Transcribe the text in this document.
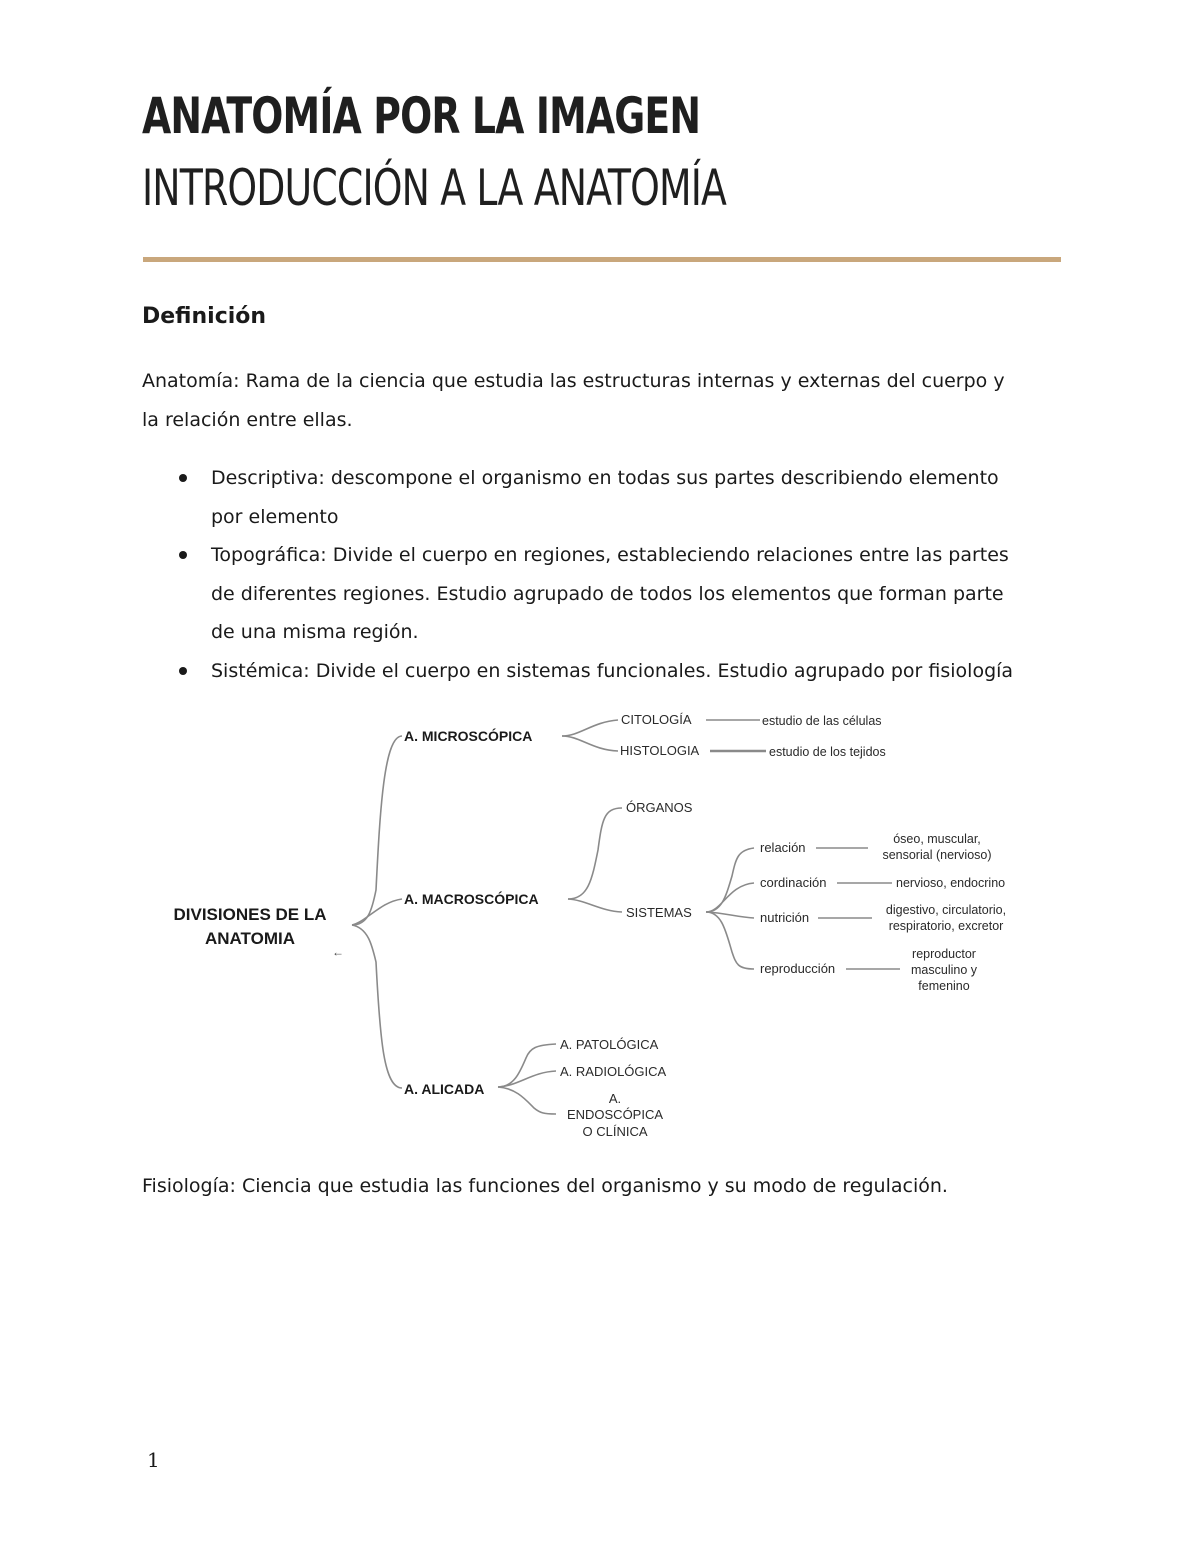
ANATOMÍA POR LA IMAGEN
INTRODUCCIÓN A LA ANATOMÍA
Definición

Anatomía: Rama de la ciencia que estudia las estructuras internas y externas del cuerpo y
la relación entre ellas.

Descriptiva: descompone el organismo en todas sus partes describiendo elemento
por elemento
Topográfica: Divide el cuerpo en regiones, estableciendo relaciones entre las partes
de diferentes regiones. Estudio agrupado de todos los elementos que forman parte
de una misma región.
Sistémica: Divide el cuerpo en sistemas funcionales. Estudio agrupado por fisiología
DIVISIONES DE LA
ANATOMIA
←
A. MICROSCÓPICA
A. MACROSCÓPICA
A. ALICADA
CITOLOGÍA
HISTOLOGIA
estudio de las células
estudio de los tejidos
ÓRGANOS
SISTEMAS
relación
cordinación
nutrición
reproducción
óseo, muscular,
sensorial (nervioso)
nervioso, endocrino
digestivo, circulatorio,
respiratorio, excretor
reproductor
masculino y
femenino
A. PATOLÓGICA
A. RADIOLÓGICA
A.
ENDOSCÓPICA
O CLÍNICA

Fisiología: Ciencia que estudia las funciones del organismo y su modo de regulación.

1
